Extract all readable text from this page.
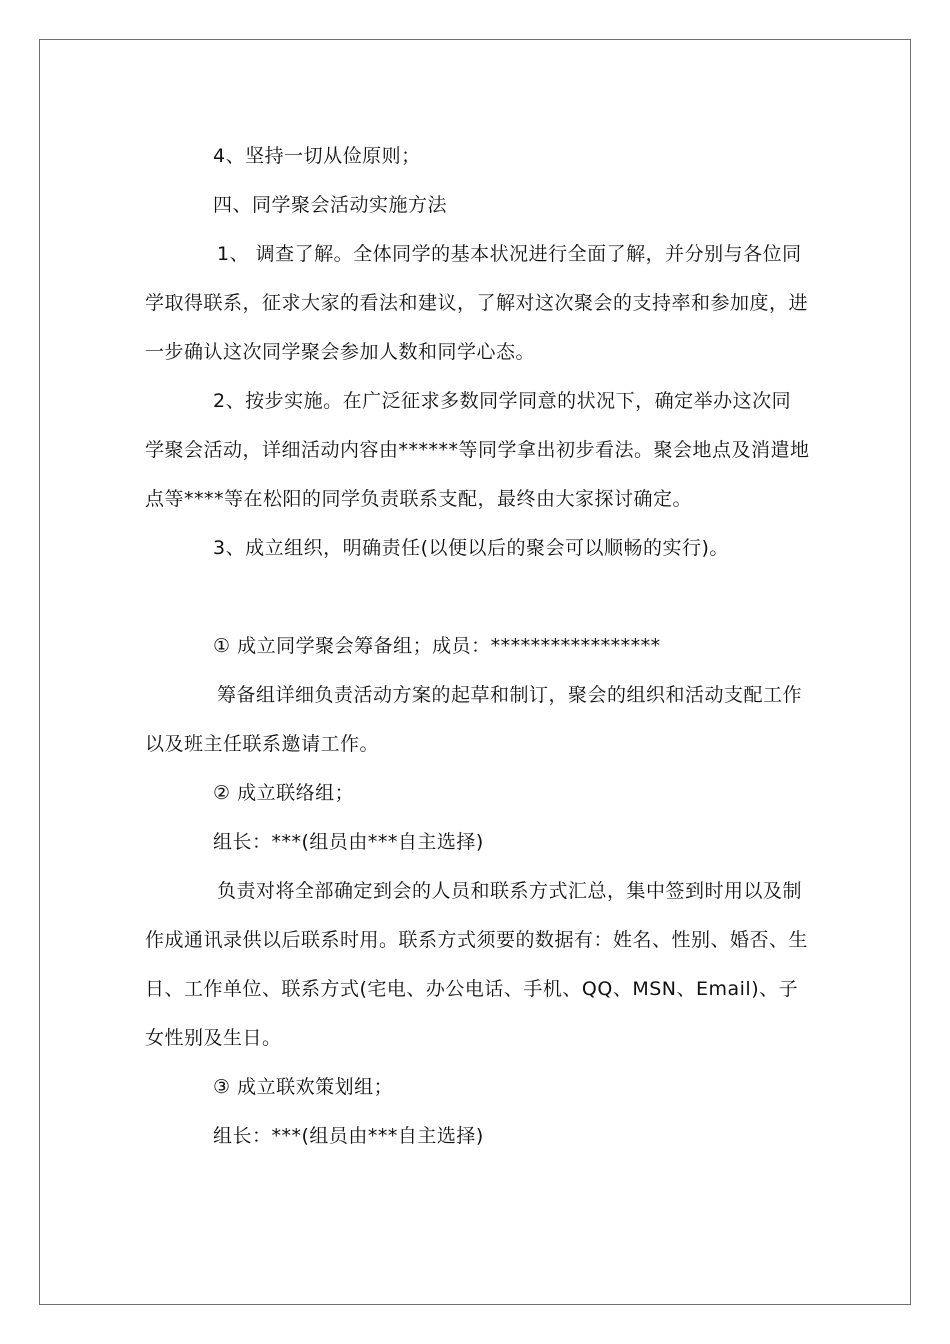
4、坚持一切从俭原则；

四、同学聚会活动实施方法

1、 调查了解。全体同学的基本状况进行全面了解，并分别与各位同学取得联系，征求大家的看法和建议，了解对这次聚会的支持率和参加度，进一步确认这次同学聚会参加人数和同学心态。

2、按步实施。在广泛征求多数同学同意的状况下，确定举办这次同学聚会活动，详细活动内容由******等同学拿出初步看法。聚会地点及消遣地点等****等在松阳的同学负责联系支配，最终由大家探讨确定。

3、成立组织，明确责任(以便以后的聚会可以顺畅的实行)。

① 成立同学聚会筹备组；成员：*****************

筹备组详细负责活动方案的起草和制订，聚会的组织和活动支配工作以及班主任联系邀请工作。

② 成立联络组；

组长：***(组员由***自主选择)

负责对将全部确定到会的人员和联系方式汇总，集中签到时用以及制作成通讯录供以后联系时用。联系方式须要的数据有：姓名、性别、婚否、生日、工作单位、联系方式(宅电、办公电话、手机、QQ、MSN、Email)、子女性别及生日。

③ 成立联欢策划组；

组长：***(组员由***自主选择)
